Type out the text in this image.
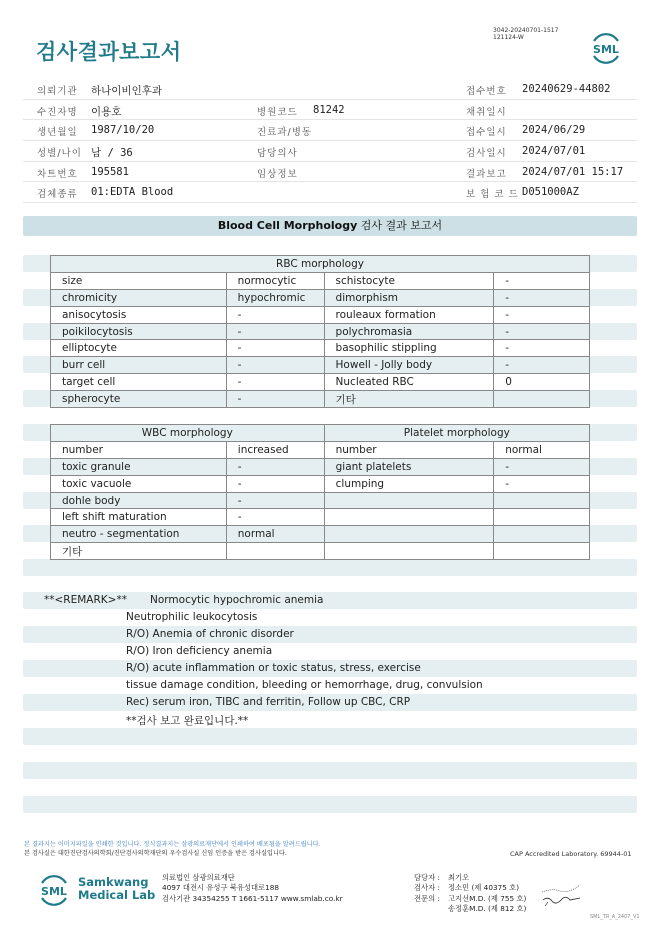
검사결과보고서
3042-20240701-1517
121124-W
SML
의뢰기관 하나이비인후과	접수번호 20240629-44802
수진자명 이용호	병원코드 81242	채취일시
생년월일 1987/10/20	진료과/병동	접수일시 2024/06/29
성별/나이 남 / 36	담당의사	검사일시 2024/07/01
차트번호 195581	임상정보	결과보고 2024/07/01 15:17
검체종류 01:EDTA Blood	보 험 코 드 D051000AZ
Blood Cell Morphology 검사 결과 보고서
RBC morphology			
size	normocytic	schistocyte	-
chromicity	hypochromic	dimorphism	-
anisocytosis	-	rouleaux formation	-
poikilocytosis	-	polychromasia	-
elliptocyte	-	basophilic stippling	-
burr cell	-	Howell - Jolly body	-
target cell	-	Nucleated RBC	0
spherocyte	-	기타	
WBC morphology		Platelet morphology	
number	increased	number	normal
toxic granule	-	giant platelets	-
toxic vacuole	-	clumping	-
dohle body	-		
left shift maturation	-		
neutro - segmentation	normal		
기타			
**<REMARK>** Normocytic hypochromic anemia
Neutrophilic leukocytosis
R/O) Anemia of chronic disorder
R/O) Iron deficiency anemia
R/O) acute inflammation or toxic status, stress, exercise
tissue damage condition, bleeding or hemorrhage, drug, convulsion
Rec) serum iron, TIBC and ferritin, Follow up CBC, CRP
**검사 보고 완료입니다.**
본 결과지는 이미지파일을 인쇄한 것입니다. 정식결과지는 삼광의료재단에서 인쇄하여 배포됨을 알려드립니다.
본 검사실은 대한진단검사의학회/진단검사의학재단의 우수검사실 신임 인증을 받은 검사실입니다.	CAP Accredited Laboratory. 69944-01
SML
Samkwang
Medical Lab
의료법인 삼광의료재단
4097 대전시 유성구 북유성대로188
검사기관 34354255 T 1661-5117 www.smlab.co.kr
담당자 : 최기오
검사자 : 정소민 (제 40375 호)
전문의 : 고지선M.D. (제 755 호)
송정훈M.D. (제 812 호)
SML_TR_A_2407_V1
